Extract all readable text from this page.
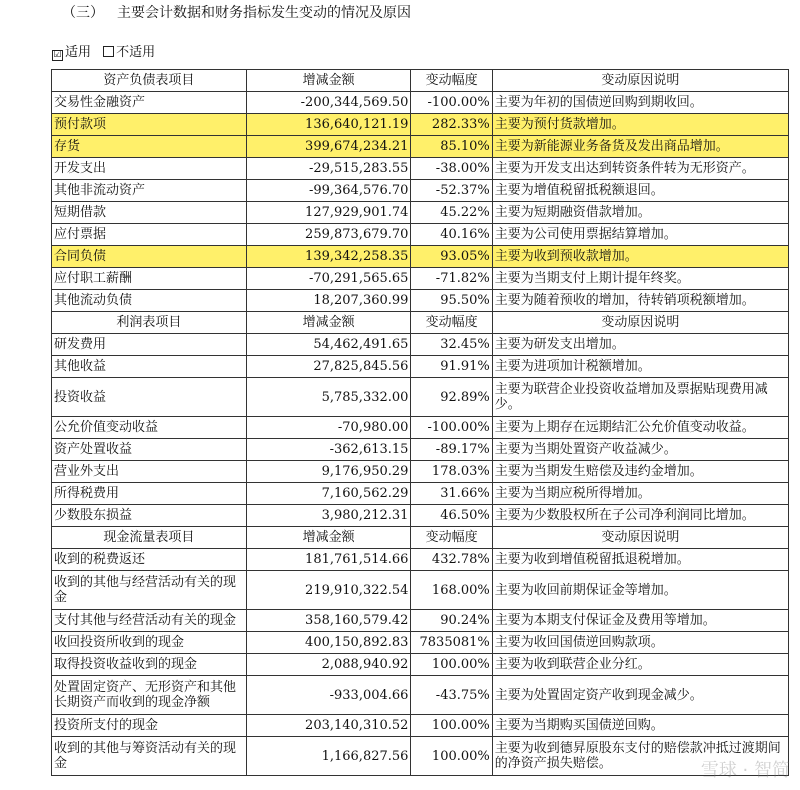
（三） 主要会计数据和财务指标发生变动的情况及原因
☑ 适用 不适用
资产负债表项目	增减金额	变动幅度	变动原因说明
交易性金融资产	-200,344,569.50	-100.00%	主要为年初的国债逆回购到期收回。
预付款项	136,640,121.19	282.33%	主要为预付货款增加。
存货	399,674,234.21	85.10%	主要为新能源业务备货及发出商品增加。
开发支出	-29,515,283.55	-38.00%	主要为开发支出达到转资条件转为无形资产。
其他非流动资产	-99,364,576.70	-52.37%	主要为增值税留抵税额退回。
短期借款	127,929,901.74	45.22%	主要为短期融资借款增加。
应付票据	259,873,679.70	40.16%	主要为公司使用票据结算增加。
合同负债	139,342,258.35	93.05%	主要为收到预收款增加。
应付职工薪酬	-70,291,565.65	-71.82%	主要为当期支付上期计提年终奖。
其他流动负债	18,207,360.99	95.50%	主要为随着预收的增加，待转销项税额增加。
利润表项目	增减金额	变动幅度	变动原因说明
研发费用	54,462,491.65	32.45%	主要为研发支出增加。
其他收益	27,825,845.56	91.91%	主要为进项加计税额增加。
投资收益	5,785,332.00	92.89%	主要为联营企业投资收益增加及票据贴现费用减少。
公允价值变动收益	-70,980.00	-100.00%	主要为上期存在远期结汇公允价值变动收益。
资产处置收益	-362,613.15	-89.17%	主要为当期处置资产收益减少。
营业外支出	9,176,950.29	178.03%	主要为当期发生赔偿及违约金增加。
所得税费用	7,160,562.29	31.66%	主要为当期应税所得增加。
少数股东损益	3,980,212.31	46.50%	主要为少数股权所在子公司净利润同比增加。
现金流量表项目	增减金额	变动幅度	变动原因说明
收到的税费返还	181,761,514.66	432.78%	主要为收到增值税留抵退税增加。
收到的其他与经营活动有关的现金	219,910,322.54	168.00%	主要为收回前期保证金等增加。
支付其他与经营活动有关的现金	358,160,579.42	90.24%	主要为本期支付保证金及费用等增加。
收回投资所收到的现金	400,150,892.83	7835081%	主要为收回国债逆回购款项。
取得投资收益收到的现金	2,088,940.92	100.00%	主要为收到联营企业分红。
处置固定资产、无形资产和其他长期资产而收到的现金净额	-933,004.66	-43.75%	主要为处置固定资产收到现金减少。
投资所支付的现金	203,140,310.52	100.00%	主要为当期购买国债逆回购。
收到的其他与筹资活动有关的现金	1,166,827.56	100.00%	主要为收到德昇原股东支付的赔偿款冲抵过渡期间的净资产损失赔偿。	雪球 · 智简
